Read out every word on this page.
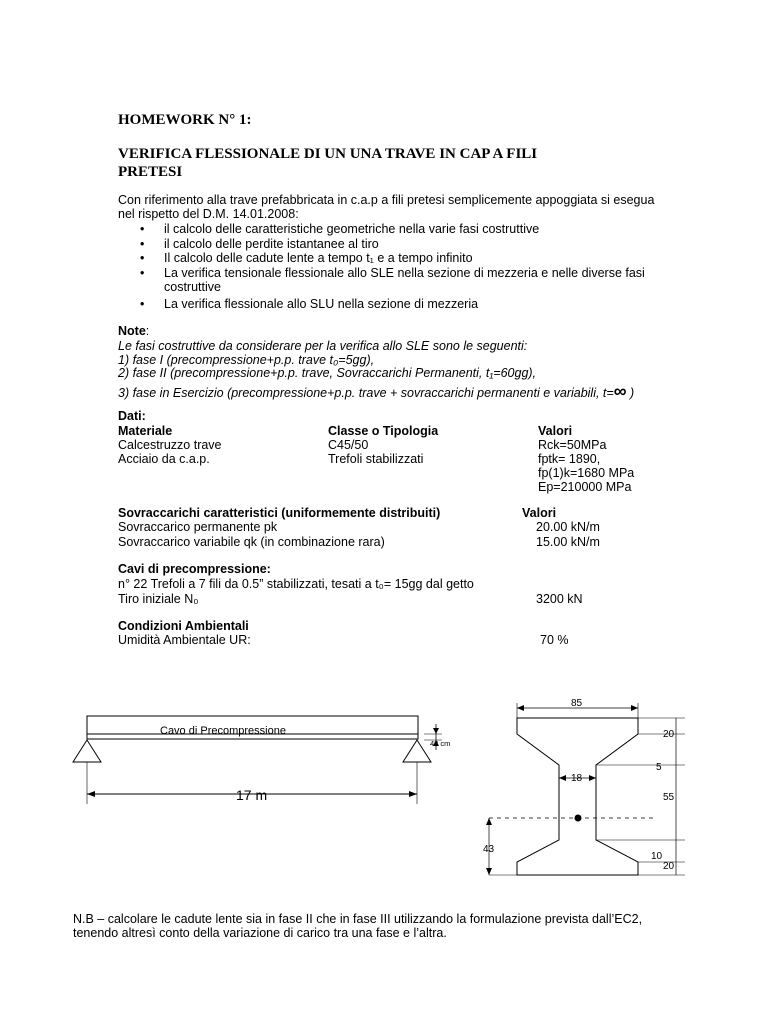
HOMEWORK N° 1:
VERIFICA FLESSIONALE DI UN UNA TRAVE IN CAP A FILI
PRETESI
Con riferimento alla trave prefabbricata in c.a.p a fili pretesi semplicemente appoggiata si esegua
nel rispetto del D.M. 14.01.2008:
• il calcolo delle caratteristiche geometriche nella varie fasi costruttive
• il calcolo delle perdite istantanee al tiro
• Il calcolo delle cadute lente a tempo t₁ e a tempo infinito
• La verifica tensionale flessionale allo SLE nella sezione di mezzeria e nelle diverse fasi costruttive
• La verifica flessionale allo SLU nella sezione di mezzeria
Note:
Le fasi costruttive da considerare per la verifica allo SLE sono le seguenti:
1) fase I (precompressione+p.p. trave t₀=5gg),
2) fase II (precompressione+p.p. trave, Sovraccarichi Permanenti, t₁=60gg),
3) fase in Esercizio (precompressione+p.p. trave + sovraccarichi permanenti e variabili, t=∞ )
Dati:
Materiale	Classe o Tipologia	Valori
Calcestruzzo trave	C45/50	Rck=50MPa
Acciaio da c.a.p.	Trefoli stabilizzati	fptk= 1890,
fp(1)k=1680 MPa
Ep=210000 MPa
Sovraccarichi caratteristici (uniformemente distribuiti)	Valori
Sovraccarico permanente pk	20.00 kN/m
Sovraccarico variabile qk (in combinazione rara)	15.00 kN/m
Cavi di precompressione:
n° 22 Trefoli a 7 fili da 0.5” stabilizzati, tesati a t₀= 15gg dal getto
Tiro iniziale N₀	3200 kN
Condizioni Ambientali
Umidità Ambientale UR:	70 %
Cavo di Precompressione
43 cm
17 m
85
20
18
5
55
43
10
20
N.B – calcolare le cadute lente sia in fase II che in fase III utilizzando la formulazione prevista dall’EC2,
tenendo altresì conto della variazione di carico tra una fase e l’altra.
